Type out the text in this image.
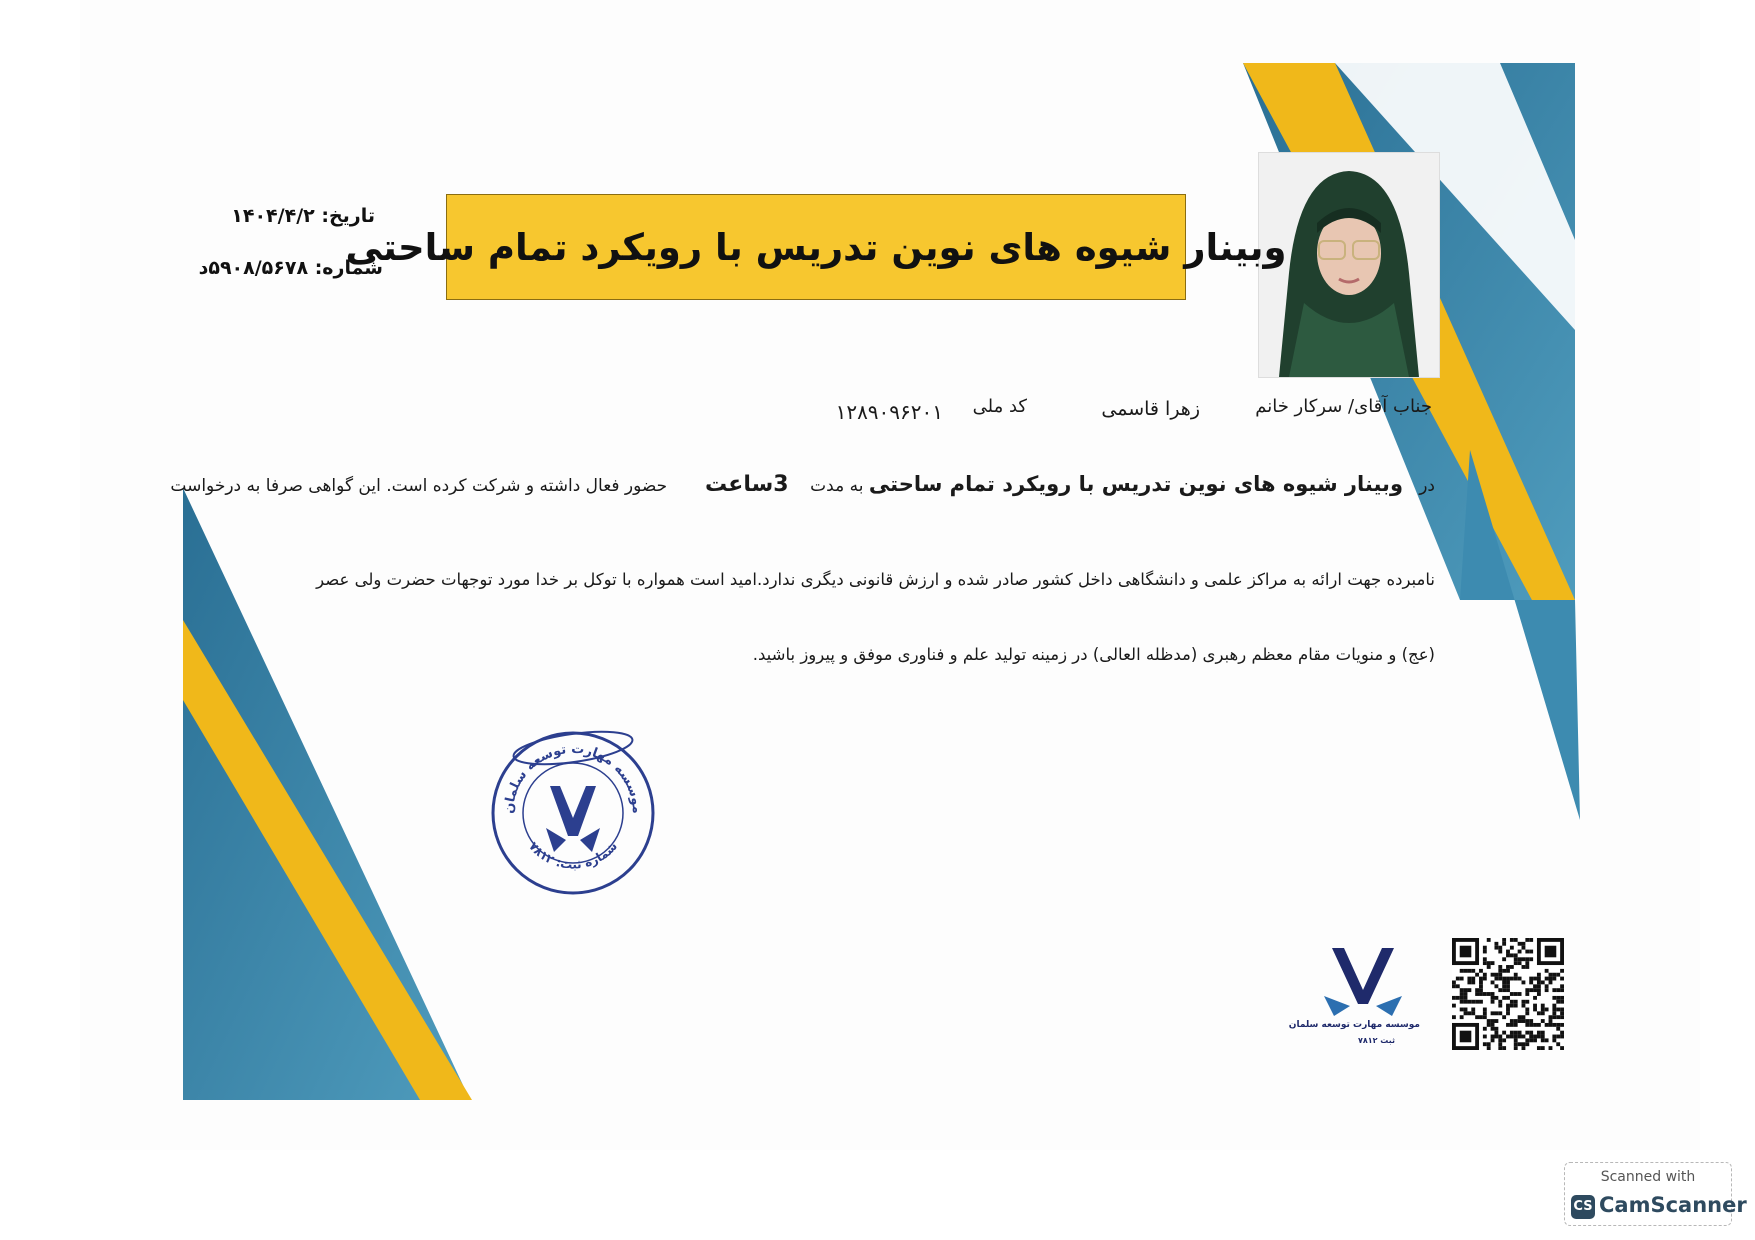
وبینار شیوه های نوین تدریس با رویکرد تمام ساحتی
تاریخ: ۱۴۰۴/۴/۲
شماره: ۵۹۰۸/۵۶۷۸د
جناب آقای/ سرکار خانم
زهرا قاسمی
کد ملی
۱۲۸۹۰۹۶۲۰۱
در   وبینار شیوه های نوین تدریس با رویکرد تمام ساحتی به مدت    3ساعت       حضور فعال داشته و شرکت کرده است. این گواهی صرفا به درخواست
نامبرده جهت ارائه به مراکز علمی و دانشگاهی داخل کشور صادر شده و ارزش قانونی دیگری ندارد.امید است همواره با توکل بر خدا مورد توجهات حضرت ولی عصر
(عج) و منویات مقام معظم رهبری (مدظله العالی) در زمینه تولید علم و فناوری موفق و پیروز باشید.
موسسه مهارت توسعه سلمان
شماره ثبت: ۷۸۱۲
موسسه مهارت توسعه سلمان
ثبت ۷۸۱۲
Scanned with
CS CamScanner
